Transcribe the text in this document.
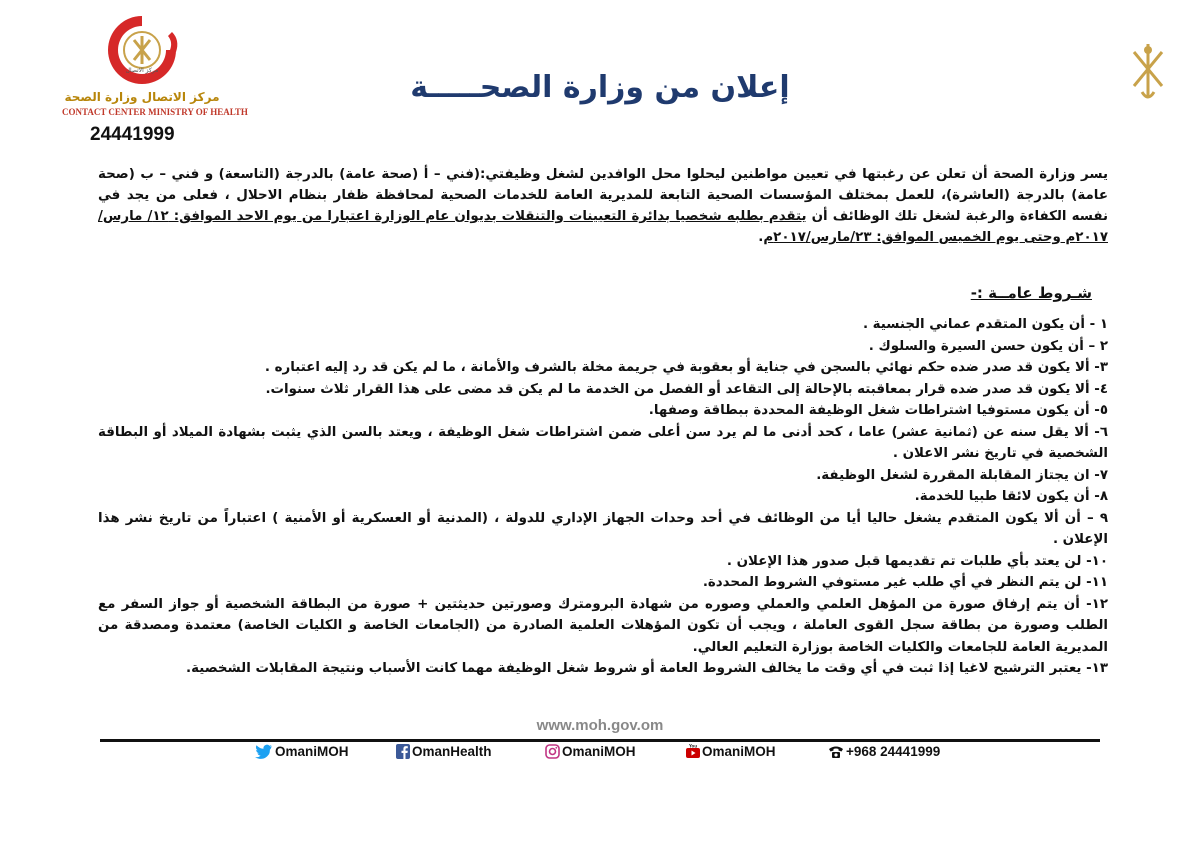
مركز الاتصال
مركز الاتصال وزارة الصحة
CONTACT CENTER MINISTRY OF HEALTH
24441999
إعلان من وزارة الصحـــــة
يسر وزارة الصحة أن تعلن عن رغبتها في تعيين مواطنين ليحلوا محل الوافدين لشغل وظيفتي:(فني – أ (صحة عامة) بالدرجة (التاسعة) و فني – ب (صحة عامة) بالدرجة (العاشرة)، للعمل بمختلف المؤسسات الصحية التابعة للمديرية العامة للخدمات الصحية لمحافظة ظفار بنظام الاحلال ، فعلى من يجد في نفسه الكفاءة والرغبة لشغل تلك الوظائف أن يتقدم بطلبه شخصيا بدائرة التعيينات والتنقلات بديوان عام الوزارة اعتبارا من يوم الاحد الموافق: ١٢/ مارس/٢٠١٧م وحتى يوم الخميس الموافق: ٢٣/مارس/٢٠١٧م.
شـروط عامــة :-
١ - أن يكون المتقدم عماني الجنسية .
٢ – أن يكون حسن السيرة والسلوك .
٣- ألا يكون قد صدر ضده حكم نهائي بالسجن في جناية أو بعقوبة في جريمة مخلة بالشرف والأمانة ، ما لم يكن قد رد إليه اعتباره .
٤- ألا يكون قد صدر ضده قرار بمعاقبته بالإحالة إلى التقاعد أو الفصل من الخدمة ما لم يكن قد مضى على هذا القرار ثلاث سنوات.
٥- أن يكون مستوفيا اشتراطات شغل الوظيفة المحددة ببطاقة وصفها.
٦- ألا يقل سنه عن (ثمانية عشر) عاما ، كحد أدنى ما لم يرد سن أعلى ضمن اشتراطات شغل الوظيفة ، ويعتد بالسن الذي يثبت بشهادة الميلاد أو البطاقة الشخصية في تاريخ نشر الاعلان .
٧- ان يجتاز المقابلة المقررة لشغل الوظيفة.
٨- أن يكون لائقا طبيا للخدمة.
٩ – أن ألا يكون المتقدم يشغل حاليا أيا من الوظائف في أحد وحدات الجهاز الإداري للدولة ، (المدنية أو العسكرية أو الأمنية ) اعتباراً من تاريخ نشر هذا الإعلان .
١٠- لن يعتد بأي طلبات تم تقديمها قبل صدور هذا الإعلان .
١١- لن يتم النظر في أي طلب غير مستوفي الشروط المحددة.
١٢- أن يتم إرفاق صورة من المؤهل العلمي والعملي وصوره من شهادة البرومترك وصورتين حديثتين + صورة من البطاقة الشخصية أو جواز السفر مع الطلب وصورة من بطاقة سجل القوى العاملة ، ويجب أن تكون المؤهلات العلمية الصادرة من (الجامعات الخاصة و الكليات الخاصة) معتمدة ومصدقة من المديرية العامة للجامعات والكليات الخاصة بوزارة التعليم العالي.
١٣- يعتبر الترشيح لاغيا إذا ثبت في أي وقت ما يخالف الشروط العامة أو شروط شغل الوظيفة مهما كانت الأسباب ونتيجة المقابلات الشخصية.
www.moh.gov.om
OmaniMOH	OmanHealth	OmaniMOH	You OmaniMOH	+968 24441999
